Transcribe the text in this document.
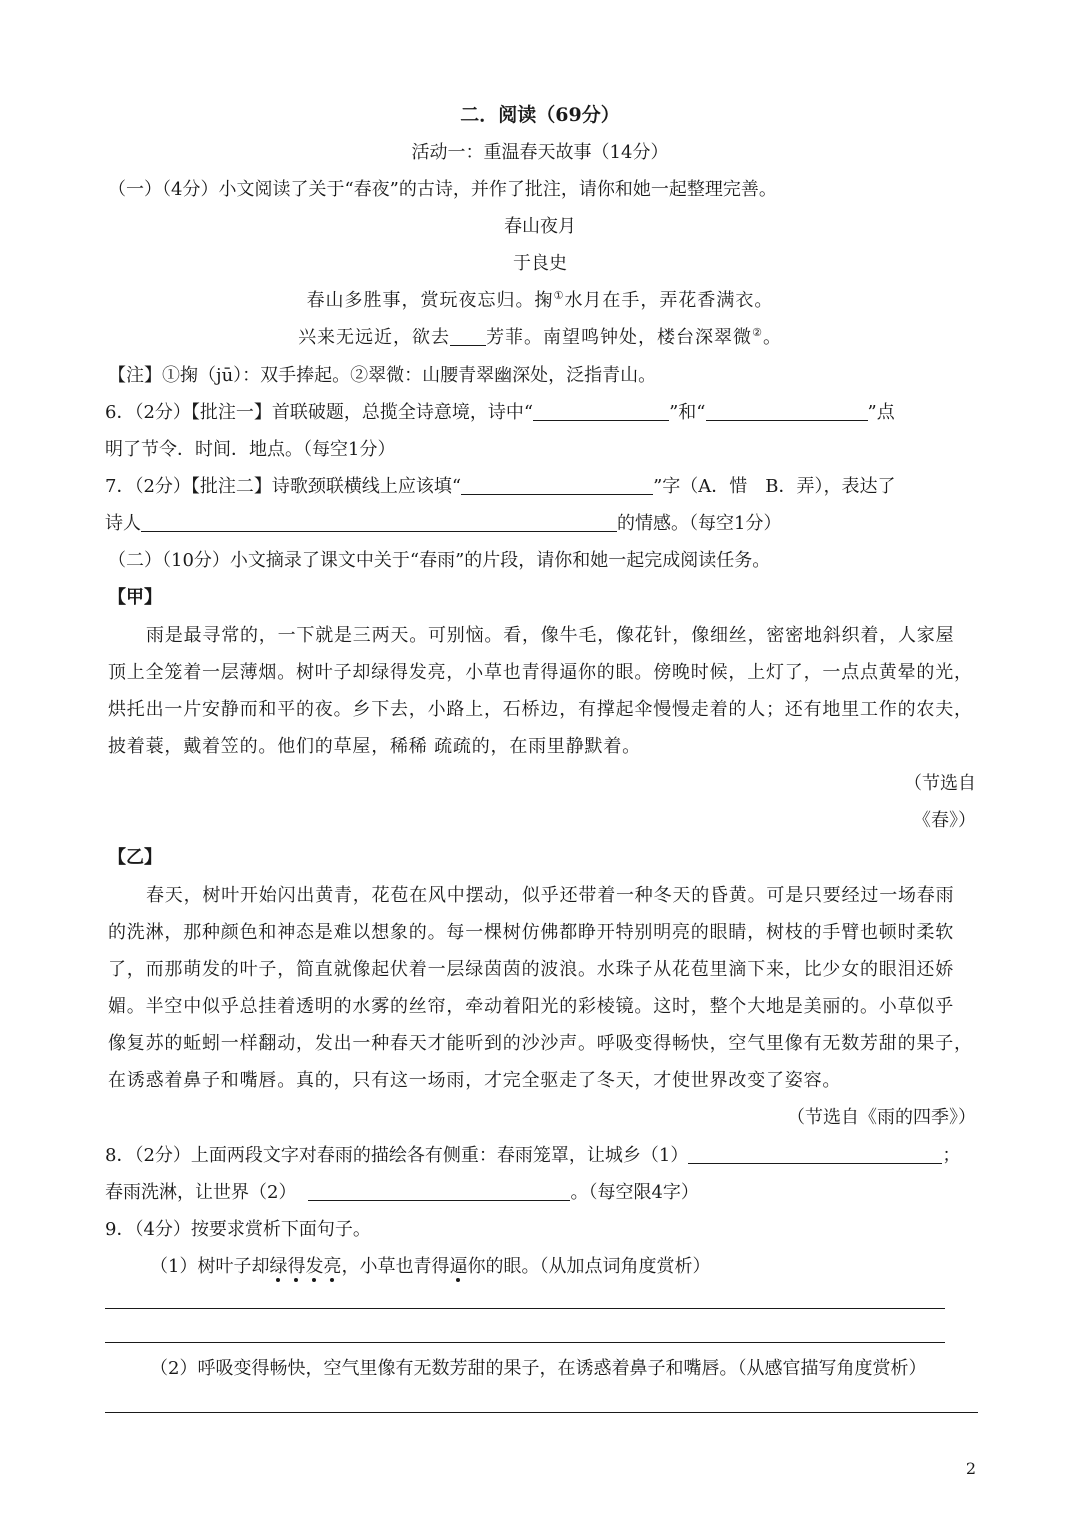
二．阅读（69分）
活动一：重温春天故事（14分）
（一）（4分）小文阅读了关于“春夜”的古诗，并作了批注，请你和她一起整理完善。
春山夜月
于良史
春山多胜事，赏玩夜忘归。掬①水月在手，弄花香满衣。
兴来无远近，欲去 芳菲。南望鸣钟处，楼台深翠微②。
【注】①掬（jū）：双手捧起。②翠微：山腰青翠幽深处，泛指青山。
6．（2分）【批注一】首联破题，总揽全诗意境，诗中“	”和“	”点
明了节令．时间．地点。（每空1分）
7．（2分）【批注二】诗歌颈联横线上应该填“	”字（A．惜　B．弄），表达了
诗人	的情感。（每空1分）
（二）（10分）小文摘录了课文中关于“春雨”的片段，请你和她一起完成阅读任务。
【甲】
雨是最寻常的，一下就是三两天。可别恼。看，像牛毛，像花针，像细丝，密密地斜织着，人家屋
顶上全笼着一层薄烟。树叶子却绿得发亮，小草也青得逼你的眼。傍晚时候，上灯了，一点点黄晕的光，
烘托出一片安静而和平的夜。乡下去，小路上，石桥边，有撑起伞慢慢走着的人；还有地里工作的农夫，
披着蓑，戴着笠的。他们的草屋，稀稀 疏疏的，在雨里静默着。
（节选自
《春》）
【乙】
春天，树叶开始闪出黄青，花苞在风中摆动，似乎还带着一种冬天的昏黄。可是只要经过一场春雨
的洗淋，那种颜色和神态是难以想象的。每一棵树仿佛都睁开特别明亮的眼睛，树枝的手臂也顿时柔软
了，而那萌发的叶子，简直就像起伏着一层绿茵茵的波浪。水珠子从花苞里滴下来，比少女的眼泪还娇
媚。半空中似乎总挂着透明的水雾的丝帘，牵动着阳光的彩棱镜。这时，整个大地是美丽的。小草似乎
像复苏的蚯蚓一样翻动，发出一种春天才能听到的沙沙声。呼吸变得畅快，空气里像有无数芳甜的果子，
在诱惑着鼻子和嘴唇。真的，只有这一场雨，才完全驱走了冬天，才使世界改变了姿容。
（节选自《雨的四季》）
8．（2分）上面两段文字对春雨的描绘各有侧重：春雨笼罩，让城乡（1）	；
春雨洗淋，让世界（2）	。（每空限4字）
9．（4分）按要求赏析下面句子。
（1）树叶子却绿得发亮，小草也青得逼你的眼。（从加点词角度赏析）
（2）呼吸变得畅快，空气里像有无数芳甜的果子，在诱惑着鼻子和嘴唇。（从感官描写角度赏析）
2
